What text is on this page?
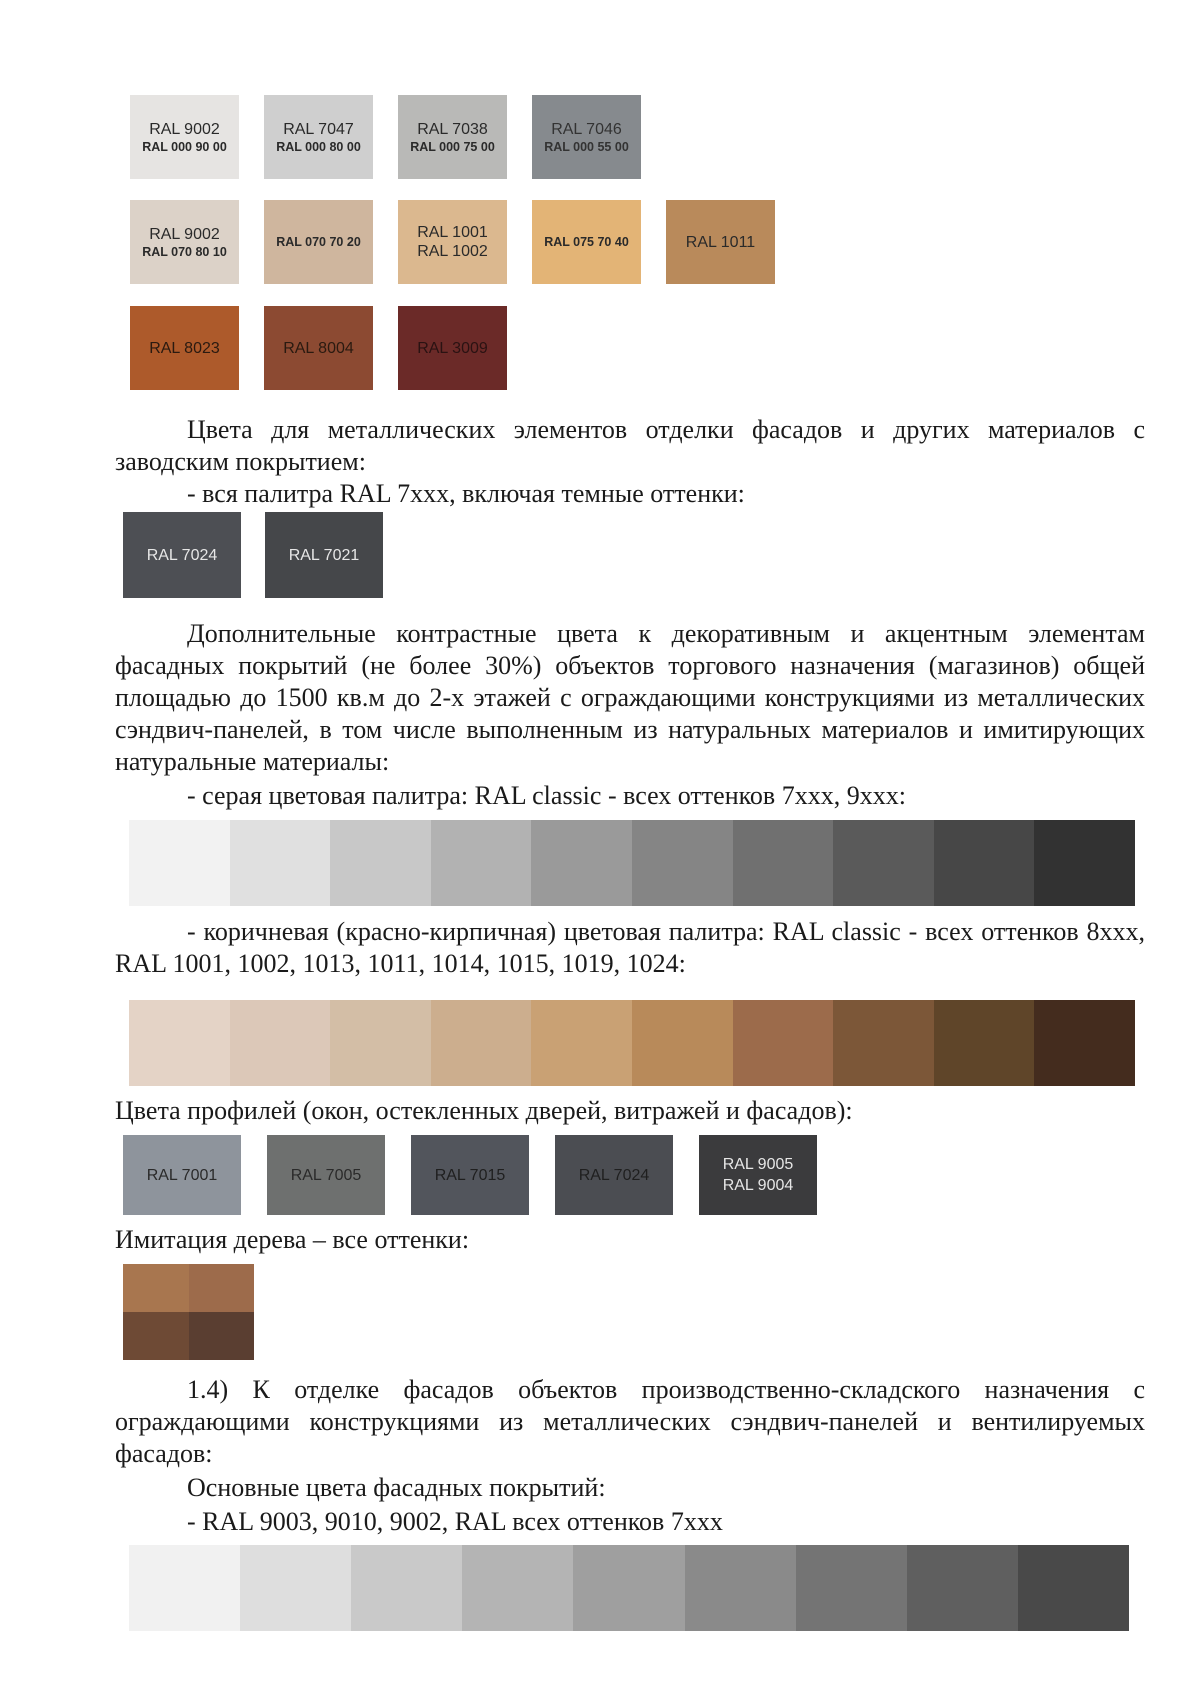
RAL 9002
RAL 000 90 00
RAL 7047
RAL 000 80 00
RAL 7038
RAL 000 75 00
RAL 7046
RAL 000 55 00
RAL 9002
RAL 070 80 10
RAL 070 70 20
RAL 1001
RAL 1002
RAL 075 70 40	RAL 1011
RAL 8023	RAL 8004	RAL 3009
Цвета для металлических элементов отделки фасадов и других материалов с заводским покрытием:
- вся палитра RAL 7xxx, включая темные оттенки:
RAL 7024	RAL 7021
Дополнительные контрастные цвета к декоративным и акцентным элементам фасадных покрытий (не более 30%) объектов торгового назначения (магазинов) общей площадью до 1500 кв.м до 2-х этажей с ограждающими конструкциями из металлических сэндвич-панелей, в том числе выполненным из натуральных материалов и имитирующих натуральные материалы:
- серая цветовая палитра: RAL classic - всех оттенков 7xxx, 9xxx:
- коричневая (красно-кирпичная) цветовая палитра: RAL classic - всех оттенков 8xxx, RAL 1001, 1002, 1013, 1011, 1014, 1015, 1019, 1024:
Цвета профилей (окон, остекленных дверей, витражей и фасадов):
RAL 7001	RAL 7005	RAL 7015	RAL 7024
RAL 9005
RAL 9004
Имитация дерева – все оттенки:
1.4) К отделке фасадов объектов производственно-складского назначения с ограждающими конструкциями из металлических сэндвич-панелей и вентилируемых фасадов:
Основные цвета фасадных покрытий:
- RAL 9003, 9010, 9002, RAL всех оттенков 7xxx
